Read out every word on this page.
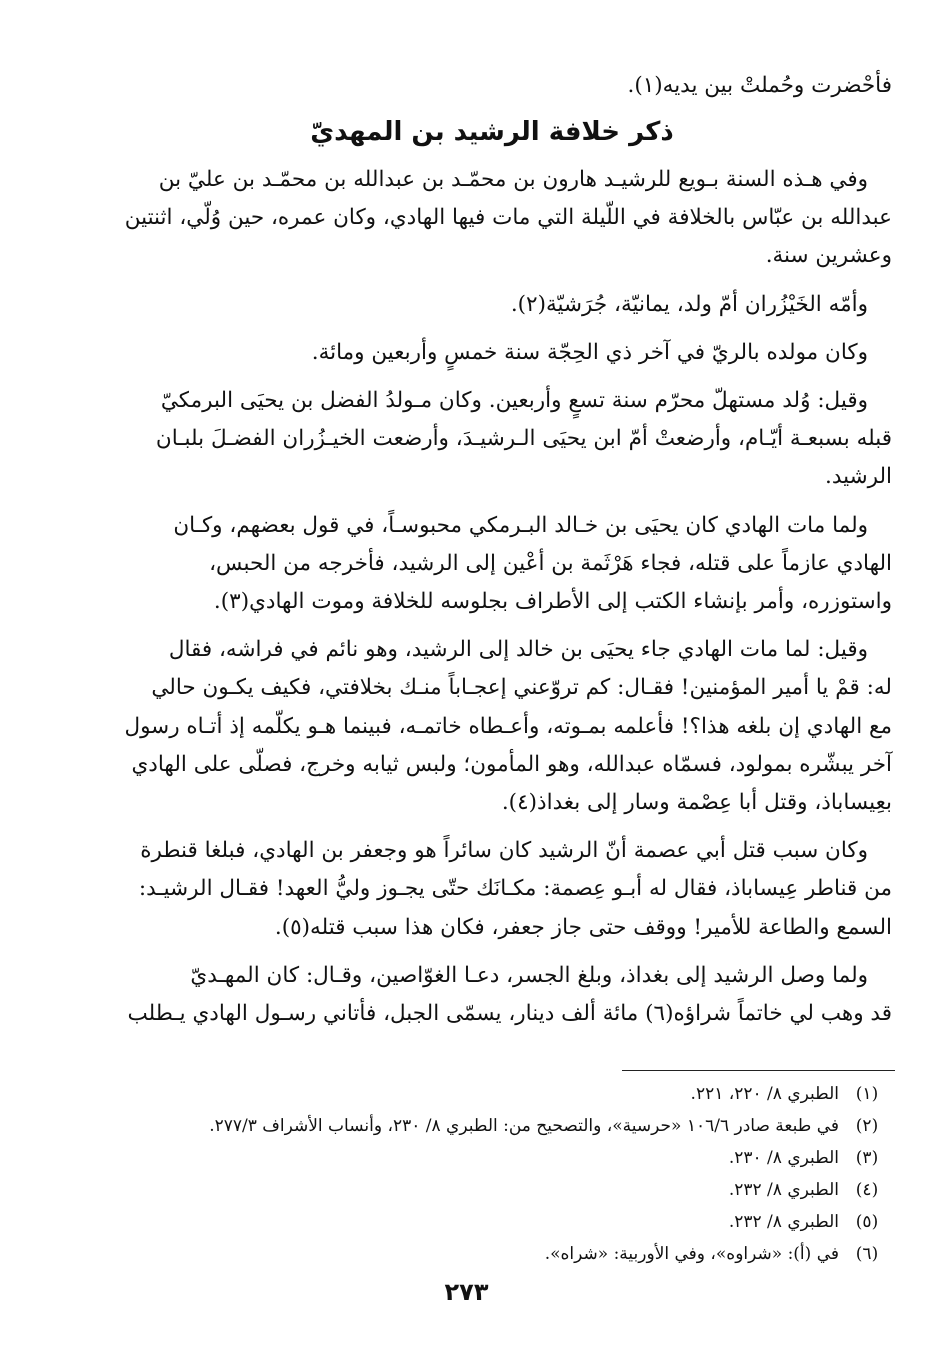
فأحْضرت وحُملتْ بين يديه(١).
ذكر خلافة الرشيد بن المهديّ

وفي هـذه السنة بـويع للرشيـد هارون بن محمّـد بن عبدالله بن محمّـد بن عليّ بن

عبدالله بن عبّاس بالخلافة في اللّيلة التي مات فيها الهادي، وكان عمره، حين وُلّي، اثنتين

وعشرين سنة.

وأمّه الخَيْزُران أمّ ولد، يمانيّة، جُرَشيّة(٢).

وكان مولده بالريّ في آخر ذي الحِجّة سنة خمسٍ وأربعين ومائة.

وقيل: وُلد مستهلّ محرّم سنة تسعٍ وأربعين. وكان مـولدُ الفضل بن يحيَى البرمكيّ

قبله بسبعـة أيّـام، وأرضعتْ أمّ ابن يحيَى الـرشيـدَ، وأرضعت الخيـزُران الفضـلَ بلبـان

الرشيد.

ولما مات الهادي كان يحيَى بن خـالد البـرمكي محبوسـاً، في قول بعضهم، وكـان

الهادي عازماً على قتله، فجاء هَرْثَمة بن أعْين إلى الرشيد، فأخرجه من الحبس،

واستوزره، وأمر بإنشاء الكتب إلى الأطراف بجلوسه للخلافة وموت الهادي(٣).

وقيل: لما مات الهادي جاء يحيَى بن خالد إلى الرشيد، وهو نائم في فراشه، فقال

له: قمْ يا أمير المؤمنين! فقـال: كم تروّعني إعجـاباً منـك بخلافتي، فكيف يكـون حالي

مع الهادي إن بلغه هذا؟! فأعلمه بمـوته، وأعـطاه خاتمـه، فبينما هـو يكلّمه إذ أتـاه رسول

آخر يبشّره بمولود، فسمّاه عبدالله، وهو المأمون؛ ولبس ثيابه وخرج، فصلّى على الهادي

بعِيساباذ، وقتل أبا عِصْمة وسار إلى بغداذ(٤).

وكان سبب قتل أبي عصمة أنّ الرشيد كان سائراً هو وجعفر بن الهادي، فبلغا قنطرة

من قناطر عِيساباذ، فقال له أبـو عِصمة: مكـانَك حتّى يجـوز وليُّ العهد! فقـال الرشيـد:

السمع والطاعة للأمير! ووقف حتى جاز جعفر، فكان هذا سبب قتله(٥).

ولما وصل الرشيد إلى بغداذ، وبلغ الجسر، دعـا الغوّاصين، وقـال: كان المهـديّ

قد وهب لي خاتماً شراؤه(٦) مائة ألف دينار، يسمّى الجبل، فأتاني رسـول الهادي يـطلب

(١)
الطبري ٨/ ٢٢٠، ٢٢١.
(٢)
في طبعة صادر ١٠٦/٦ «حرسية»، والتصحيح من: الطبري ٨/ ٢٣٠، وأنساب الأشراف ٢٧٧/٣.
(٣)
الطبري ٨/ ٢٣٠.
(٤)
الطبري ٨/ ٢٣٢.
(٥)
الطبري ٨/ ٢٣٢.
(٦)
في (أ): «شراوه»، وفي الأوربية: «شراه».
٢٧٣
